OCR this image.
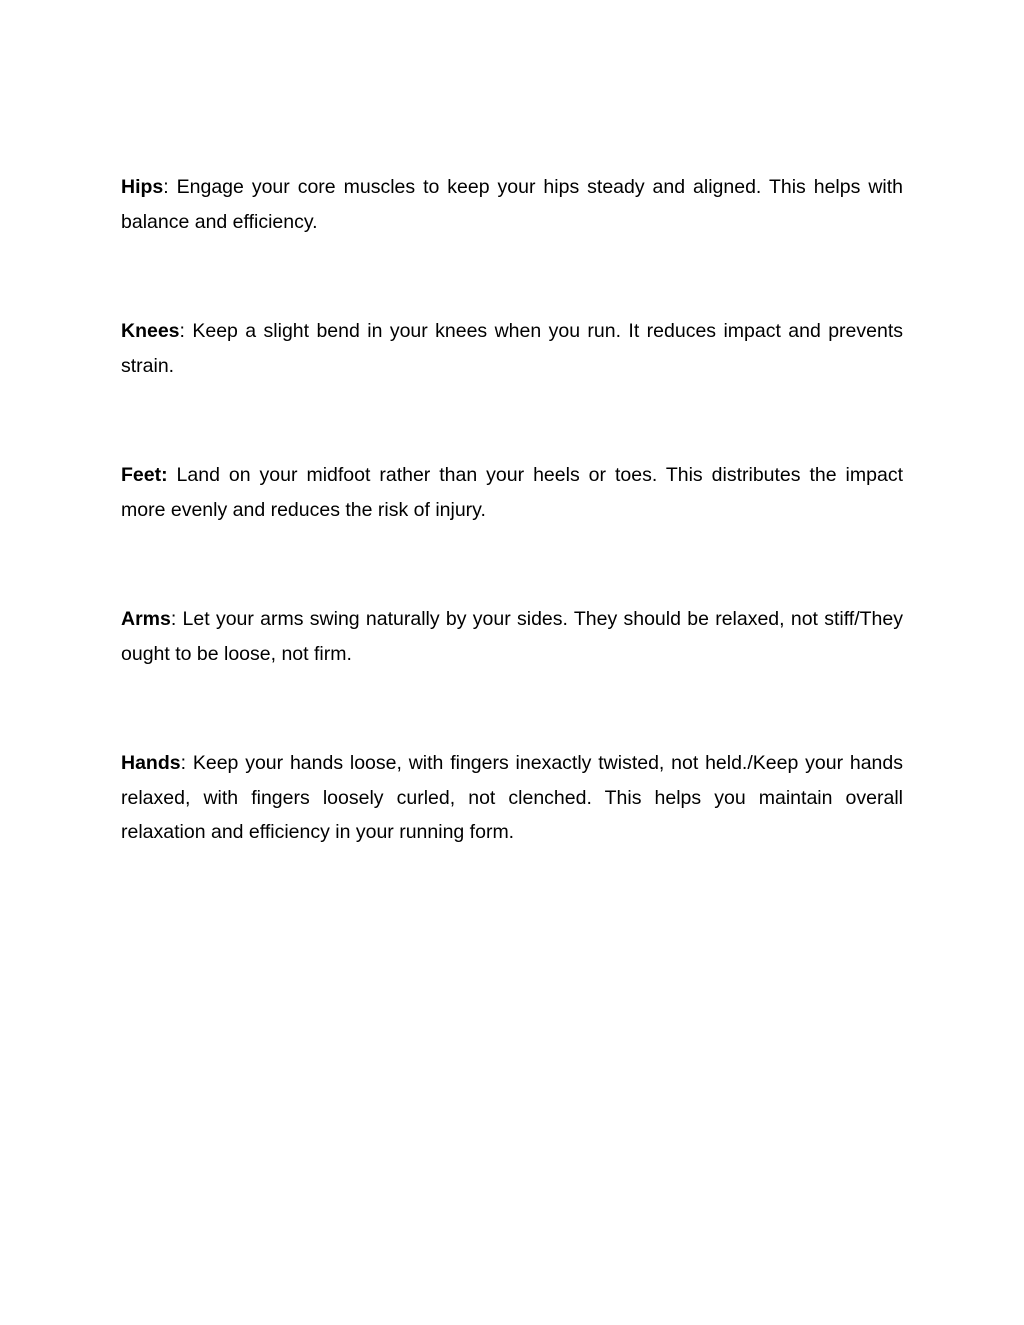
Hips: Engage your core muscles to keep your hips steady and aligned. This helps with balance and efficiency.

Knees: Keep a slight bend in your knees when you run. It reduces impact and prevents strain.

Feet: Land on your midfoot rather than your heels or toes. This distributes the impact more evenly and reduces the risk of injury.

Arms: Let your arms swing naturally by your sides. They should be relaxed, not stiff/They ought to be loose, not firm.

Hands: Keep your hands loose, with fingers inexactly twisted, not held./Keep your hands relaxed, with fingers loosely curled, not clenched. This helps you maintain overall relaxation and efficiency in your running form.
